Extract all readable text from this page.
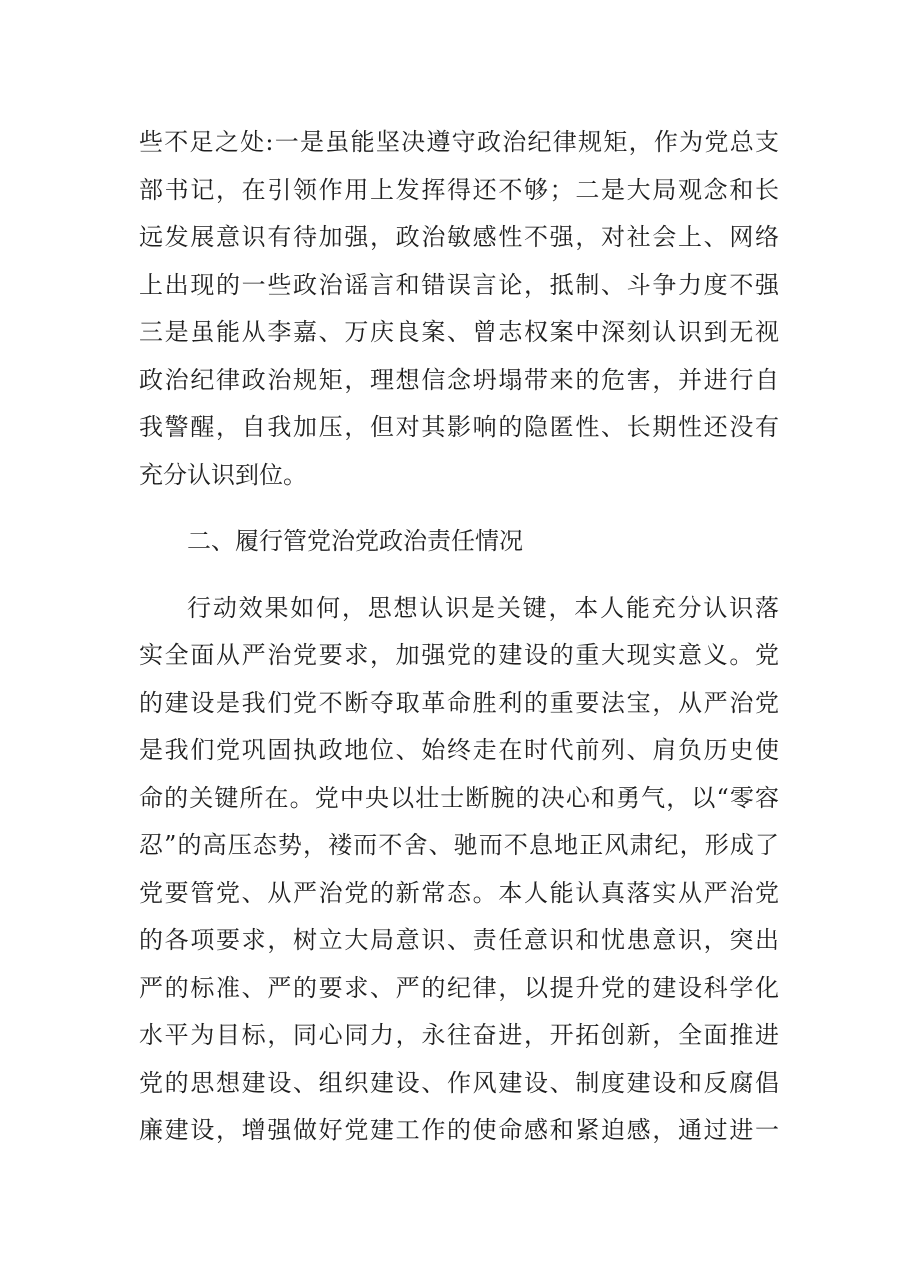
些不足之处:一是虽能坚决遵守政治纪律规矩，作为党总支
部书记，在引领作用上发挥得还不够；二是大局观念和长
远发展意识有待加强，政治敏感性不强，对社会上、网络
上出现的一些政治谣言和错误言论，抵制、斗争力度不强
三是虽能从李嘉、万庆良案、曾志权案中深刻认识到无视
政治纪律政治规矩，理想信念坍塌带来的危害，并进行自
我警醒，自我加压，但对其影响的隐匿性、长期性还没有
充分认识到位。
二、履行管党治党政治责任情况
行动效果如何，思想认识是关键，本人能充分认识落
实全面从严治党要求，加强党的建设的重大现实意义。党
的建设是我们党不断夺取革命胜利的重要法宝，从严治党
是我们党巩固执政地位、始终走在时代前列、肩负历史使
命的关键所在。党中央以壮士断腕的决心和勇气，以“零容
忍”的高压态势，褛而不舍、驰而不息地正风肃纪，形成了
党要管党、从严治党的新常态。本人能认真落实从严治党
的各项要求，树立大局意识、责任意识和忧患意识，突出
严的标准、严的要求、严的纪律，以提升党的建设科学化
水平为目标，同心同力，永往奋进，开拓创新，全面推进
党的思想建设、组织建设、作风建设、制度建设和反腐倡
廉建设，增强做好党建工作的使命感和紧迫感，通过进一
